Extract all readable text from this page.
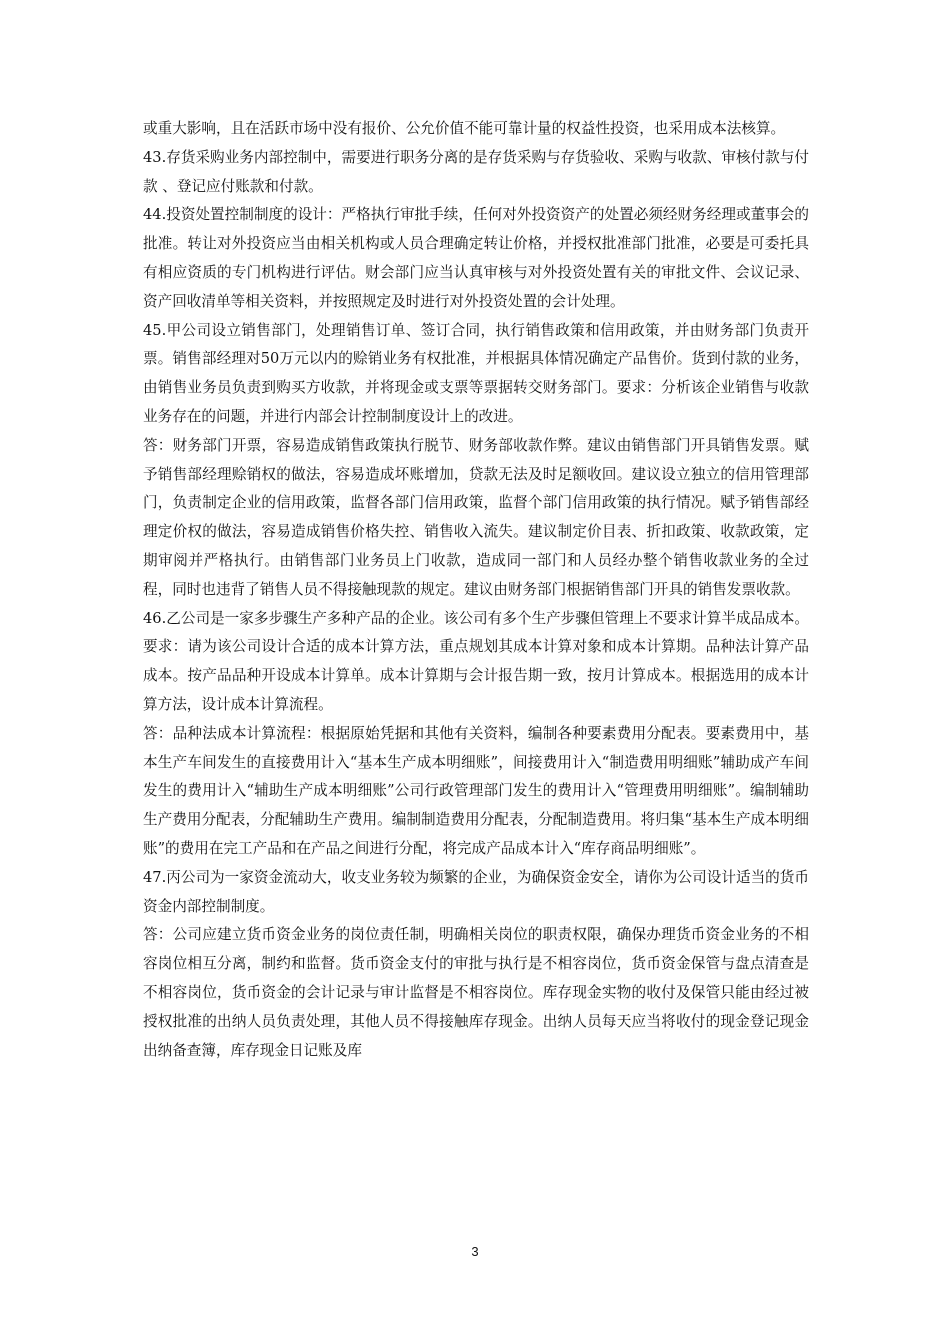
或重大影响，且在活跃市场中没有报价、公允价值不能可靠计量的权益性投资，也采用成本法核算。

43.存货采购业务内部控制中，需要进行职务分离的是存货采购与存货验收、采购与收款、审核付款与付款 、登记应付账款和付款。

44.投资处置控制制度的设计：严格执行审批手续，任何对外投资资产的处置必须经财务经理或董事会的批准。转让对外投资应当由相关机构或人员合理确定转让价格，并授权批准部门批准，必要是可委托具有相应资质的专门机构进行评估。财会部门应当认真审核与对外投资处置有关的审批文件、会议记录、资产回收清单等相关资料，并按照规定及时进行对外投资处置的会计处理。

45.甲公司设立销售部门，处理销售订单、签订合同，执行销售政策和信用政策，并由财务部门负责开票。销售部经理对50万元以内的赊销业务有权批准，并根据具体情况确定产品售价。货到付款的业务，由销售业务员负责到购买方收款，并将现金或支票等票据转交财务部门。要求：分析该企业销售与收款业务存在的问题，并进行内部会计控制制度设计上的改进。

答：财务部门开票，容易造成销售政策执行脱节、财务部收款作弊。建议由销售部门开具销售发票。赋予销售部经理赊销权的做法，容易造成坏账增加，贷款无法及时足额收回。建议设立独立的信用管理部门，负责制定企业的信用政策，监督各部门信用政策，监督个部门信用政策的执行情况。赋予销售部经理定价权的做法，容易造成销售价格失控、销售收入流失。建议制定价目表、折扣政策、收款政策，定期审阅并严格执行。由销售部门业务员上门收款，造成同一部门和人员经办整个销售收款业务的全过程，同时也违背了销售人员不得接触现款的规定。建议由财务部门根据销售部门开具的销售发票收款。

46.乙公司是一家多步骤生产多种产品的企业。该公司有多个生产步骤但管理上不要求计算半成品成本。要求：请为该公司设计合适的成本计算方法，重点规划其成本计算对象和成本计算期。品种法计算产品成本。按产品品种开设成本计算单。成本计算期与会计报告期一致，按月计算成本。根据选用的成本计算方法，设计成本计算流程。

答：品种法成本计算流程：根据原始凭据和其他有关资料，编制各种要素费用分配表。要素费用中，基本生产车间发生的直接费用计入“基本生产成本明细账”，间接费用计入“制造费用明细账”辅助成产车间发生的费用计入“辅助生产成本明细账”公司行政管理部门发生的费用计入“管理费用明细账”。编制辅助生产费用分配表，分配辅助生产费用。编制制造费用分配表，分配制造费用。将归集“基本生产成本明细账”的费用在完工产品和在产品之间进行分配，将完成产品成本计入“库存商品明细账”。

47.丙公司为一家资金流动大，收支业务较为频繁的企业，为确保资金安全，请你为公司设计适当的货币资金内部控制制度。

答：公司应建立货币资金业务的岗位责任制，明确相关岗位的职责权限，确保办理货币资金业务的不相容岗位相互分离，制约和监督。货币资金支付的审批与执行是不相容岗位，货币资金保管与盘点清查是不相容岗位，货币资金的会计记录与审计监督是不相容岗位。库存现金实物的收付及保管只能由经过被授权批准的出纳人员负责处理，其他人员不得接触库存现金。出纳人员每天应当将收付的现金登记现金出纳备查簿，库存现金日记账及库

3
